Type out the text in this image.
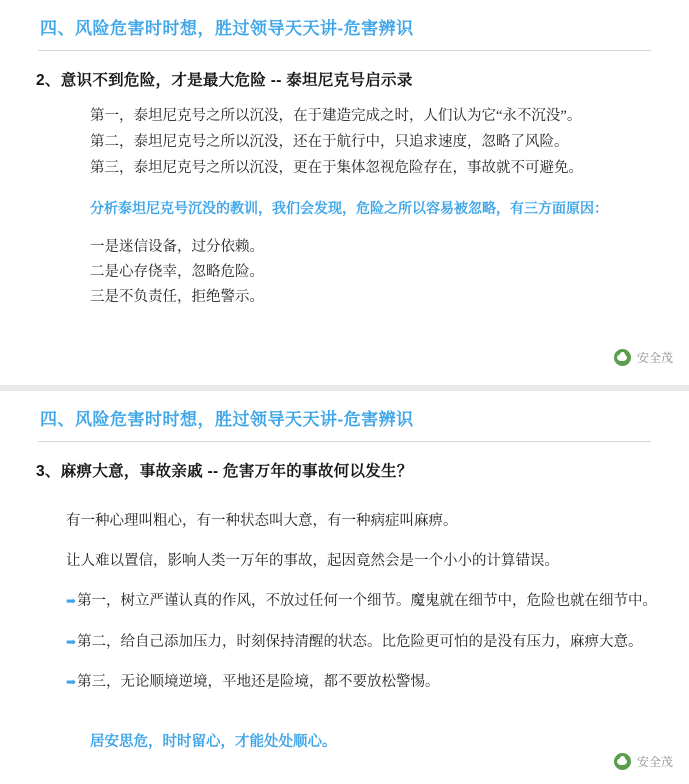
四、风险危害时时想，胜过领导天天讲-危害辨识
2、意识不到危险，才是最大危险 -- 泰坦尼克号启示录

第一，泰坦尼克号之所以沉没，在于建造完成之时，人们认为它“永不沉没”。

第二，泰坦尼克号之所以沉没，还在于航行中，只追求速度，忽略了风险。

第三，泰坦尼克号之所以沉没，更在于集体忽视危险存在，事故就不可避免。

分析泰坦尼克号沉没的教训，我们会发现，危险之所以容易被忽略，有三方面原因：

一是迷信设备，过分依赖。

二是心存侥幸，忽略危险。

三是不负责任，拒绝警示。

安全茂
四、风险危害时时想，胜过领导天天讲-危害辨识
3、麻痹大意，事故亲戚 -- 危害万年的事故何以发生？

有一种心理叫粗心，有一种状态叫大意，有一种病症叫麻痹。

让人难以置信，影响人类一万年的事故，起因竟然会是一个小小的计算错误。

➡第一，树立严谨认真的作风，不放过任何一个细节。魔鬼就在细节中，危险也就在细节中。

➡第二，给自己添加压力，时刻保持清醒的状态。比危险更可怕的是没有压力，麻痹大意。

➡第三，无论顺境逆境，平地还是险境，都不要放松警惕。

居安思危，时时留心，才能处处顺心。
安全茂
